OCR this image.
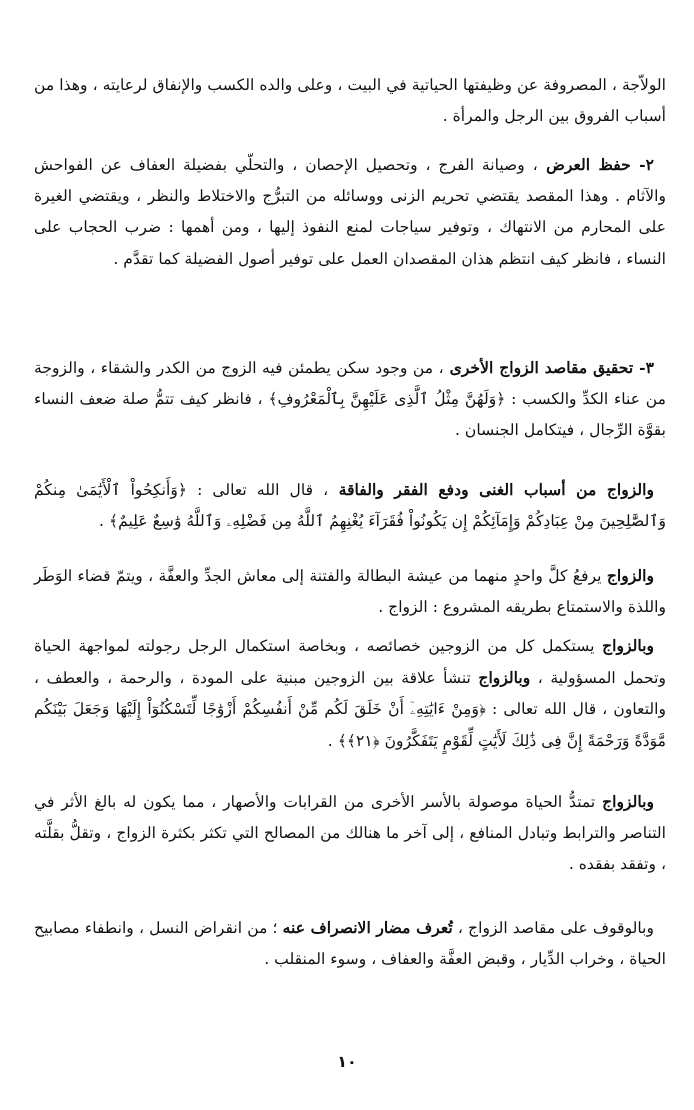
الولاّجة ، المصروفة عن وظيفتها الحياتية في البيت ، وعلى والده الكسب والإنفاق لرعايته ، وهذا من أسباب الفروق بين الرجل والمرأة .

٢- حفظ العرض ، وصيانة الفرج ، وتحصيل الإحصان ، والتحلّي بفضيلة العفاف عن الفواحش والآثام . وهذا المقصد يقتضي تحريم الزنى ووسائله من التبرُّج والاختلاط والنظر ، ويقتضي الغيرة على المحارم من الانتهاك ، وتوفير سياجات لمنع النفوذ إليها ، ومن أهمها : ضرب الحجاب على النساء ، فانظر كيف انتظم هذان المقصدان العمل على توفير أصول الفضيلة كما تقدَّم .

٣- تحقيق مقاصد الزواج الأخرى ، من وجود سكن يطمئن فيه الزوج من الكدر والشقاء ، والزوجة من عناء الكدِّ والكسب : ﴿وَلَهُنَّ مِثْلُ ٱلَّذِى عَلَيْهِنَّ بِٱلْمَعْرُوفِ﴾ ، فانظر كيف تتمُّ صلة ضعف النساء بقوَّة الرِّجال ، فيتكامل الجنسان .

والزواج من أسباب الغنى ودفع الفقر والفاقة ، قال الله تعالى : ﴿وَأَنكِحُواْ ٱلْأَيَٰمَىٰ مِنكُمْ وَٱلصَّٰلِحِينَ مِنْ عِبَادِكُمْ وَإِمَآئِكُمْ إِن يَكُونُواْ فُقَرَآءَ يُغْنِهِمُ ٱللَّهُ مِن فَضْلِهِۦ وَٱللَّهُ وَٰسِعٌ عَلِيمٌ﴾ .

والزواج يرفعُ كلَّ واحدٍ منهما من عيشة البطالة والفتنة إلى معاش الجدِّ والعفَّة ، ويتمّ قضاء الوَطَر واللذة والاستمتاع بطريقه المشروع : الزواج .

وبالزواج يستكمل كل من الزوجين خصائصه ، وبخاصة استكمال الرجل رجولته لمواجهة الحياة وتحمل المسؤولية ، وبالزواج تنشأ علاقة بين الزوجين مبنية على المودة ، والرحمة ، والعطف ، والتعاون ، قال الله تعالى : ﴿وَمِنْ ءَايَٰتِهِۦٓ أَنْ خَلَقَ لَكُم مِّنْ أَنفُسِكُمْ أَزْوَٰجًا لِّتَسْكُنُوٓاْ إِلَيْهَا وَجَعَلَ بَيْنَكُم مَّوَدَّةً وَرَحْمَةً إِنَّ فِى ذَٰلِكَ لَأَيَٰتٍ لِّقَوْمٍ يَتَفَكَّرُونَ ﴿٢١﴾﴾ .

وبالزواج تمتدُّ الحياة موصولة بالأسر الأخرى من القرابات والأصهار ، مما يكون له بالغ الأثر في التناصر والترابط وتبادل المنافع ، إلى آخر ما هنالك من المصالح التي تكثر بكثرة الزواج ، وتقلُّ بقلَّته ، وتفقد بفقده .

وبالوقوف على مقاصد الزواج ، تُعرف مضار الانصراف عنه ؛ من انقراض النسل ، وانطفاء مصابيح الحياة ، وخراب الدِّيار ، وقبض العفَّة والعفاف ، وسوء المنقلب .

١٠
